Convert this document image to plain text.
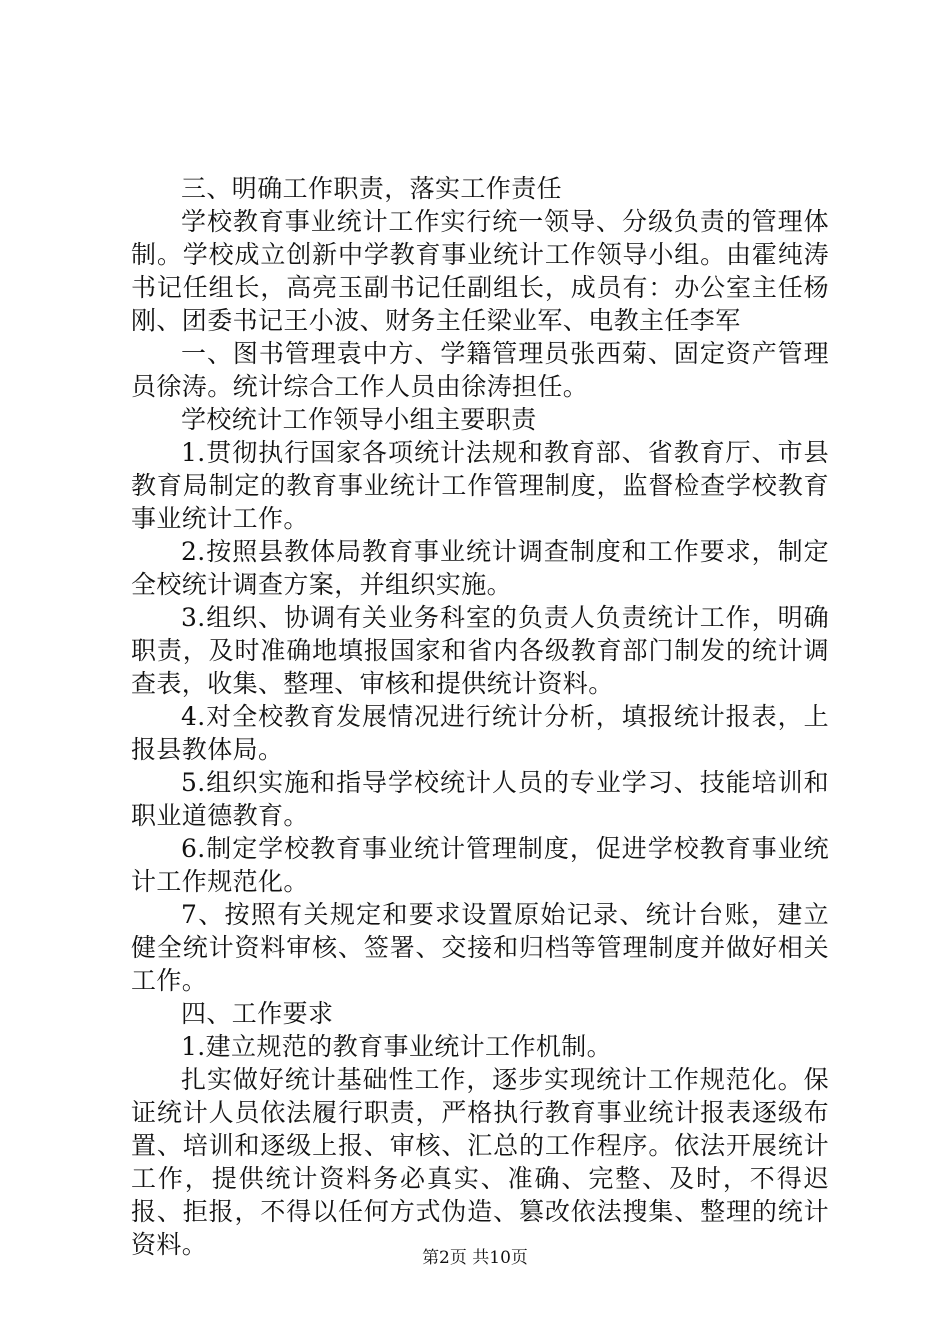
三、明确工作职责，落实工作责任

学校教育事业统计工作实行统一领导、分级负责的管理体制。学校成立创新中学教育事业统计工作领导小组。由霍纯涛书记任组长，高亮玉副书记任副组长，成员有：办公室主任杨刚、团委书记王小波、财务主任梁业军、电教主任李军

一、图书管理袁中方、学籍管理员张西菊、固定资产管理员徐涛。统计综合工作人员由徐涛担任。

学校统计工作领导小组主要职责

1.贯彻执行国家各项统计法规和教育部、省教育厅、市县教育局制定的教育事业统计工作管理制度，监督检查学校教育事业统计工作。

2.按照县教体局教育事业统计调查制度和工作要求，制定全校统计调查方案，并组织实施。

3.组织、协调有关业务科室的负责人负责统计工作，明确职责，及时准确地填报国家和省内各级教育部门制发的统计调查表，收集、整理、审核和提供统计资料。

4.对全校教育发展情况进行统计分析，填报统计报表，上报县教体局。

5.组织实施和指导学校统计人员的专业学习、技能培训和职业道德教育。

6.制定学校教育事业统计管理制度，促进学校教育事业统计工作规范化。

7、按照有关规定和要求设置原始记录、统计台账，建立健全统计资料审核、签署、交接和归档等管理制度并做好相关工作。

四、工作要求

1.建立规范的教育事业统计工作机制。

扎实做好统计基础性工作，逐步实现统计工作规范化。保证统计人员依法履行职责，严格执行教育事业统计报表逐级布置、培训和逐级上报、审核、汇总的工作程序。依法开展统计工作，提供统计资料务必真实、准确、完整、及时，不得迟报、拒报，不得以任何方式伪造、篡改依法搜集、整理的统计资料。	第2页 共10页
